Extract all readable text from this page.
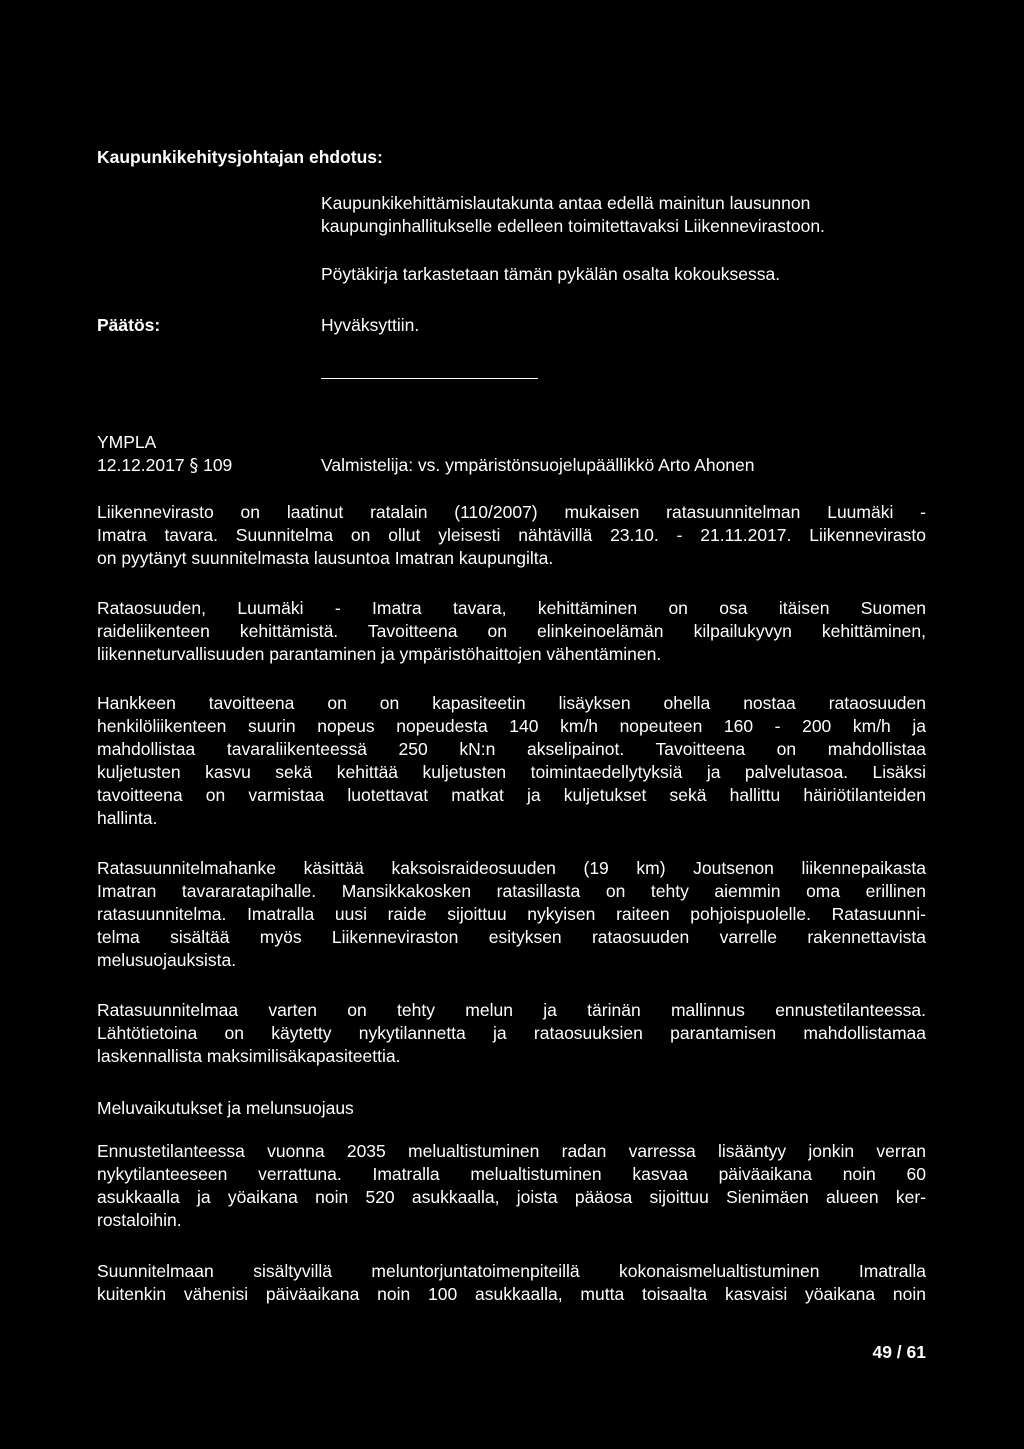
Kaupunkikehitysjohtajan ehdotus:
Kaupunkikehittämislautakunta antaa edellä mainitun lausunnon
kaupunginhallitukselle edelleen toimitettavaksi Liikennevirastoon.
Pöytäkirja tarkastetaan tämän pykälän osalta kokouksessa.
Päätös:	Hyväksyttiin.
YMPLA
12.12.2017 § 109	Valmistelija: vs. ympäristönsuojelupäällikkö Arto Ahonen
Liikennevirasto on laatinut ratalain (110/2007) mukaisen ratasuunnitelman Luumäki -
Imatra tavara. Suunnitelma on ollut yleisesti nähtävillä 23.10. - 21.11.2017. Liikennevirasto
on pyytänyt suunnitelmasta lausuntoa Imatran kaupungilta.
Rataosuuden, Luumäki - Imatra tavara, kehittäminen on osa itäisen Suomen
raideliikenteen kehittämistä. Tavoitteena on elinkeinoelämän kilpailukyvyn kehittäminen,
liikenneturvallisuuden parantaminen ja ympäristöhaittojen vähentäminen.
Hankkeen tavoitteena on on kapasiteetin lisäyksen ohella nostaa rataosuuden
henkilöliikenteen suurin nopeus nopeudesta 140 km/h nopeuteen 160 - 200 km/h ja
mahdollistaa tavaraliikenteessä 250 kN:n akselipainot. Tavoitteena on mahdollistaa
kuljetusten kasvu sekä kehittää kuljetusten toimintaedellytyksiä ja palvelutasoa. Lisäksi
tavoitteena on varmistaa luotettavat matkat ja kuljetukset sekä hallittu häiriötilanteiden
hallinta.
Ratasuunnitelmahanke käsittää kaksoisraideosuuden (19 km) Joutsenon liikennepaikasta
Imatran tavararatapihalle. Mansikkakosken ratasillasta on tehty aiemmin oma erillinen
ratasuunnitelma. Imatralla uusi raide sijoittuu nykyisen raiteen pohjoispuolelle. Ratasuunni-
telma sisältää myös Liikenneviraston esityksen rataosuuden varrelle rakennettavista
melusuojauksista.
Ratasuunnitelmaa varten on tehty melun ja tärinän mallinnus ennustetilanteessa.
Lähtötietoina on käytetty nykytilannetta ja rataosuuksien parantamisen mahdollistamaa
laskennallista maksimilisäkapasiteettia.
Meluvaikutukset ja melunsuojaus
Ennustetilanteessa vuonna 2035 melualtistuminen radan varressa lisääntyy jonkin verran
nykytilanteeseen verrattuna. Imatralla melualtistuminen kasvaa päiväaikana noin 60
asukkaalla ja yöaikana noin 520 asukkaalla, joista pääosa sijoittuu Sienimäen alueen ker-
rostaloihin.
Suunnitelmaan sisältyvillä meluntorjuntatoimenpiteillä kokonaismelualtistuminen Imatralla
kuitenkin vähenisi päiväaikana noin 100 asukkaalla, mutta toisaalta kasvaisi yöaikana noin
49 / 61
